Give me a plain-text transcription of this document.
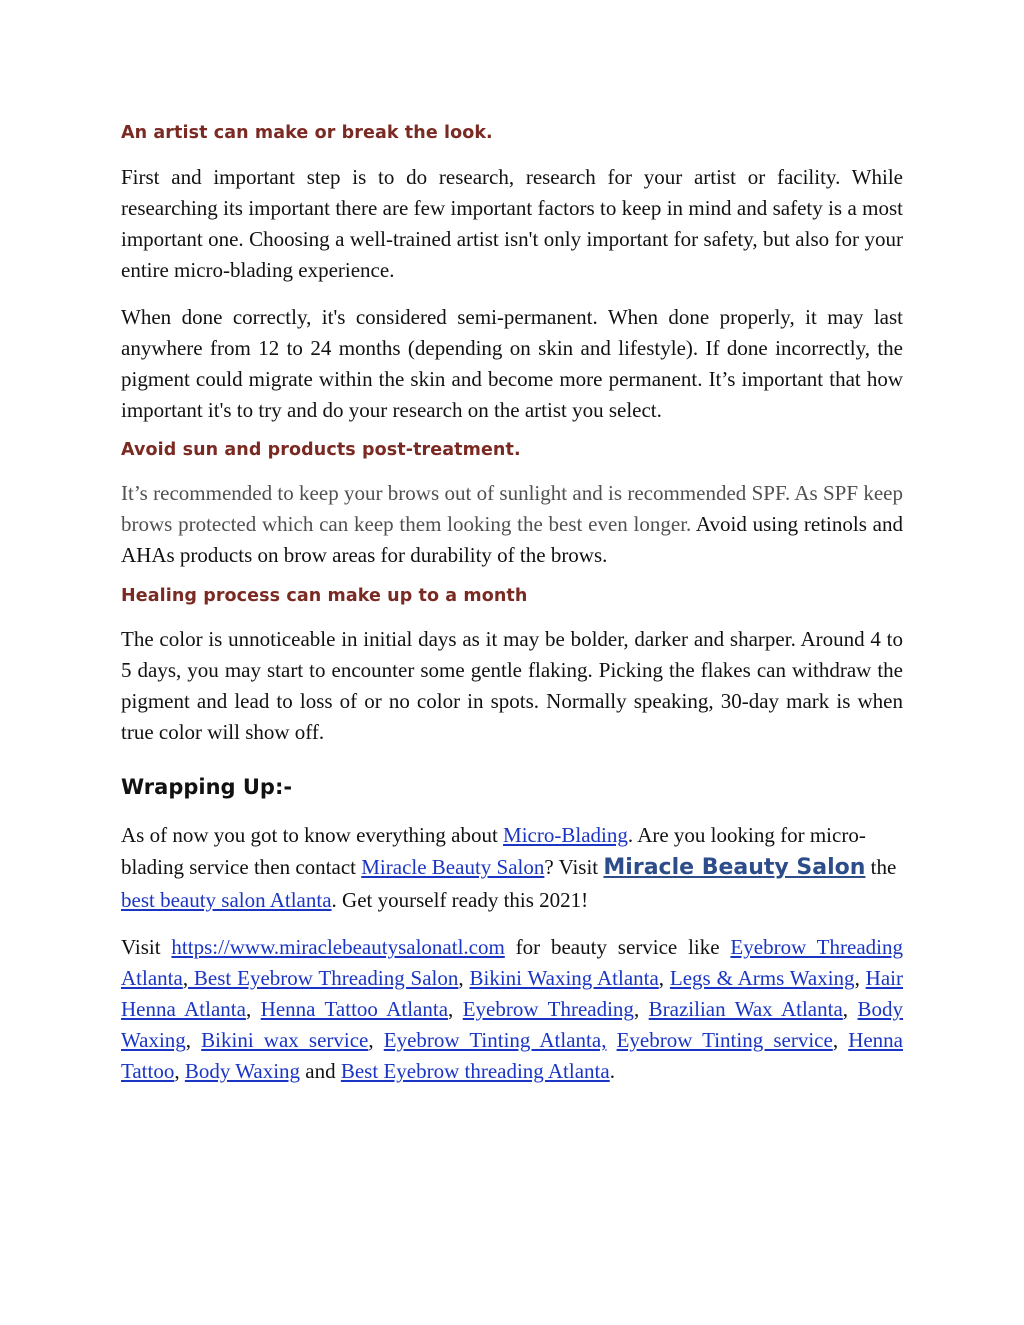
An artist can make or break the look.

First and important step is to do research, research for your artist or facility. While researching its important there are few important factors to keep in mind and safety is a most important one. Choosing a well-trained artist isn't only important for safety, but also for your entire micro-blading experience.

When done correctly, it's considered semi-permanent. When done properly, it may last anywhere from 12 to 24 months (depending on skin and lifestyle). If done incorrectly, the pigment could migrate within the skin and become more permanent. It’s important that how important it's to try and do your research on the artist you select.

Avoid sun and products post-treatment.

It’s recommended to keep your brows out of sunlight and is recommended SPF. As SPF keep brows protected which can keep them looking the best even longer. Avoid using retinols and AHAs products on brow areas for durability of the brows.

Healing process can make up to a month

The color is unnoticeable in initial days as it may be bolder, darker and sharper. Around 4 to 5 days, you may start to encounter some gentle flaking. Picking the flakes can withdraw the pigment and lead to loss of or no color in spots. Normally speaking, 30-day mark is when true color will show off.

Wrapping Up:-

As of now you got to know everything about Micro-Blading. Are you looking for micro-blading service then contact Miracle Beauty Salon? Visit Miracle Beauty Salon the best beauty salon Atlanta. Get yourself ready this 2021!

Visit https://www.miraclebeautysalonatl.com for beauty service like Eyebrow Threading Atlanta, Best Eyebrow Threading Salon, Bikini Waxing Atlanta, Legs & Arms Waxing, Hair Henna Atlanta, Henna Tattoo Atlanta, Eyebrow Threading, Brazilian Wax Atlanta, Body Waxing, Bikini wax service, Eyebrow Tinting Atlanta, Eyebrow Tinting service, Henna Tattoo, Body Waxing and Best Eyebrow threading Atlanta.
